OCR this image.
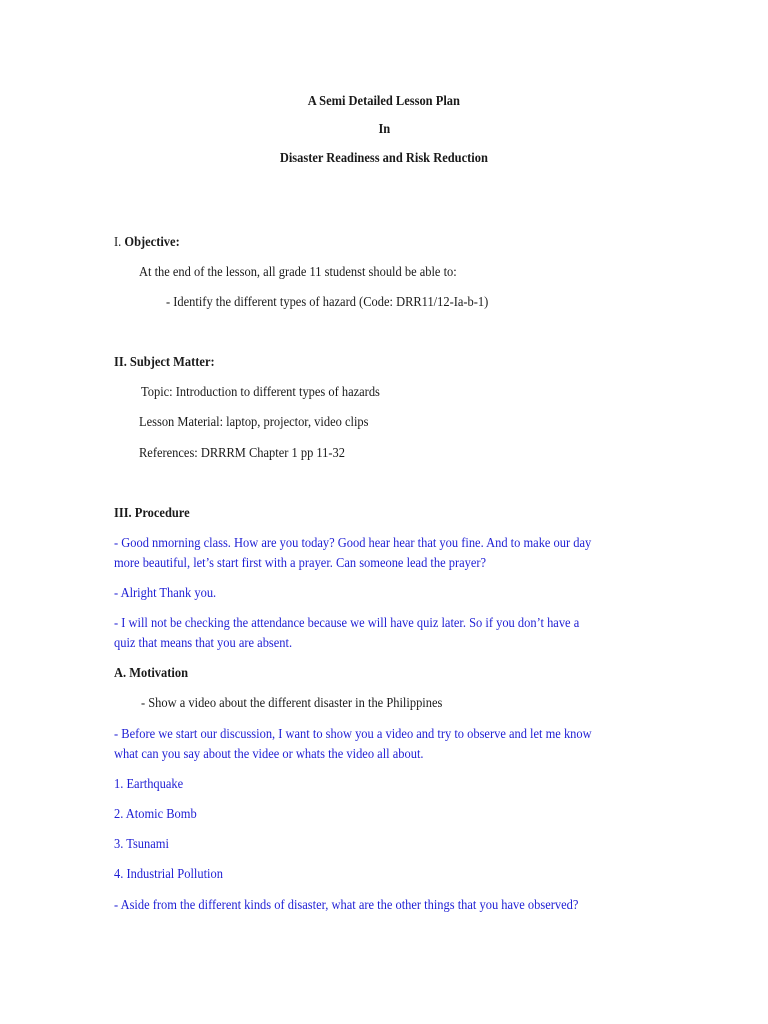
A Semi Detailed Lesson Plan
In
Disaster Readiness and Risk Reduction
I. Objective:
At the end of the lesson, all grade 11 studenst should be able to:
- Identify the different types of hazard (Code: DRR11/12-Ia-b-1)
II. Subject Matter:
Topic: Introduction to different types of hazards
Lesson Material: laptop, projector, video clips
References: DRRRM Chapter 1 pp 11-32
III. Procedure
- Good nmorning class. How are you today? Good hear hear that you fine. And to make our day
more beautiful, let’s start first with a prayer. Can someone lead the prayer?
- Alright Thank you.
- I will not be checking the attendance because we will have quiz later. So if you don’t have a
quiz that means that you are absent.
A. Motivation
- Show a video about the different disaster in the Philippines
- Before we start our discussion, I want to show you a video and try to observe and let me know
what can you say about the videe or whats the video all about.
1. Earthquake
2. Atomic Bomb
3. Tsunami
4. Industrial Pollution
- Aside from the different kinds of disaster, what are the other things that you have observed?
